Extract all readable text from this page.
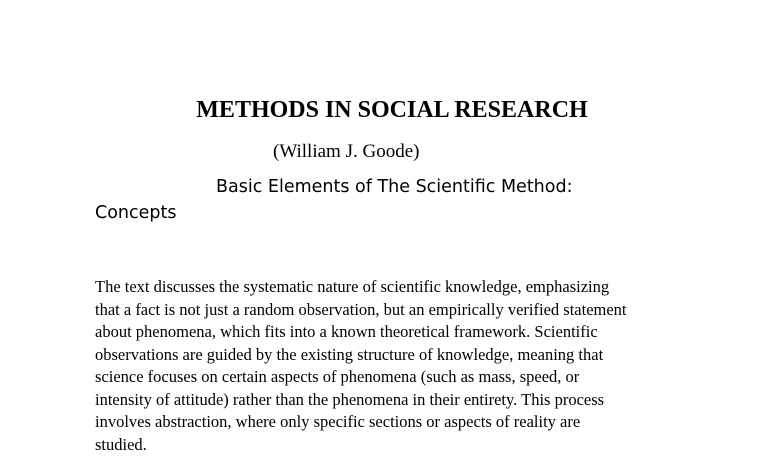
METHODS IN SOCIAL RESEARCH
(William J. Goode)
Basic Elements of The Scientific Method:
Concepts

The text discusses the systematic nature of scientific knowledge, emphasizing
that a fact is not just a random observation, but an empirically verified statement
about phenomena, which fits into a known theoretical framework. Scientific
observations are guided by the existing structure of knowledge, meaning that
science focuses on certain aspects of phenomena (such as mass, speed, or
intensity of attitude) rather than the phenomena in their entirety. This process
involves abstraction, where only specific sections or aspects of reality are
studied.
